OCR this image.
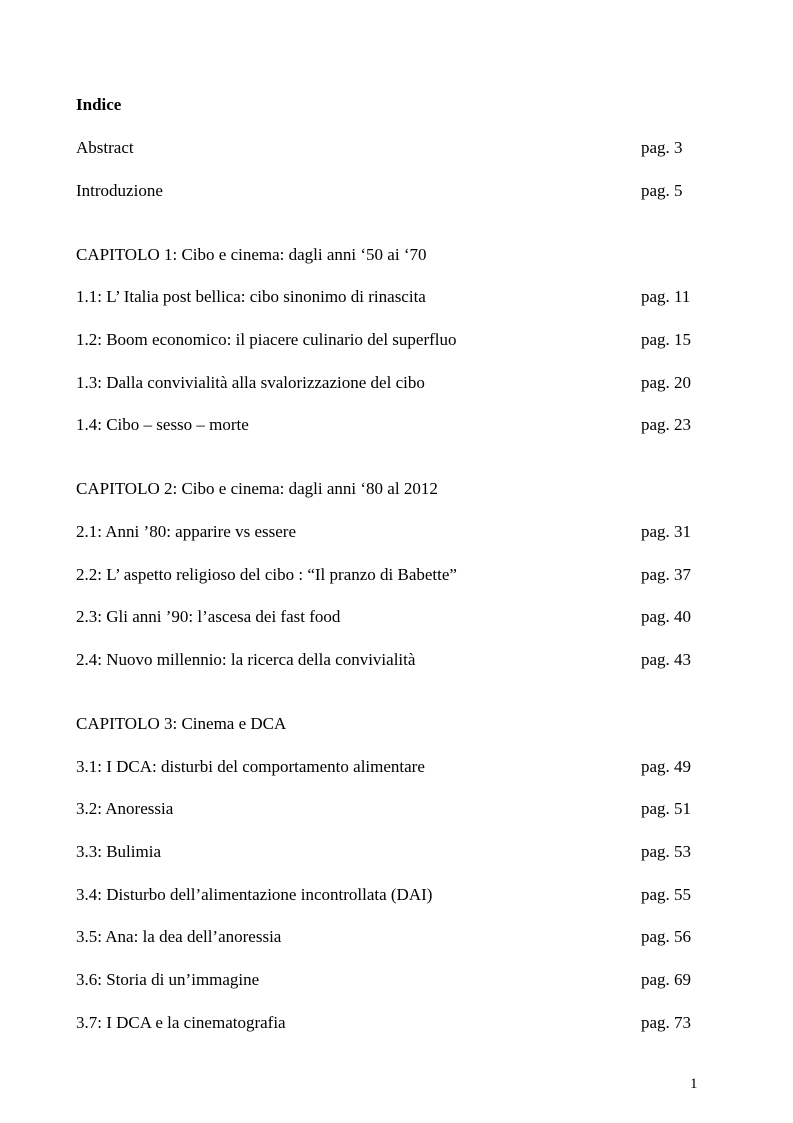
Indice
Abstract	pag. 3
Introduzione	pag. 5
CAPITOLO 1: Cibo e cinema: dagli anni ‘50 ai ‘70
1.1: L’ Italia post bellica: cibo sinonimo di rinascita	pag. 11
1.2: Boom economico: il piacere culinario del superfluo	pag. 15
1.3: Dalla convivialità alla svalorizzazione del cibo	pag. 20
1.4: Cibo – sesso – morte	pag. 23
CAPITOLO 2: Cibo e cinema: dagli anni ‘80 al 2012
2.1: Anni ’80: apparire vs essere	pag. 31
2.2: L’ aspetto religioso del cibo : “Il pranzo di Babette”	pag. 37
2.3: Gli anni ’90: l’ascesa dei fast food	pag. 40
2.4: Nuovo millennio: la ricerca della convivialità	pag. 43
CAPITOLO 3: Cinema e DCA
3.1: I DCA: disturbi del comportamento alimentare	pag. 49
3.2: Anoressia	pag. 51
3.3: Bulimia	pag. 53
3.4: Disturbo dell’alimentazione incontrollata (DAI)	pag. 55
3.5: Ana: la dea dell’anoressia	pag. 56
3.6: Storia di un’immagine	pag. 69
3.7: I DCA e la cinematografia	pag. 73
1
